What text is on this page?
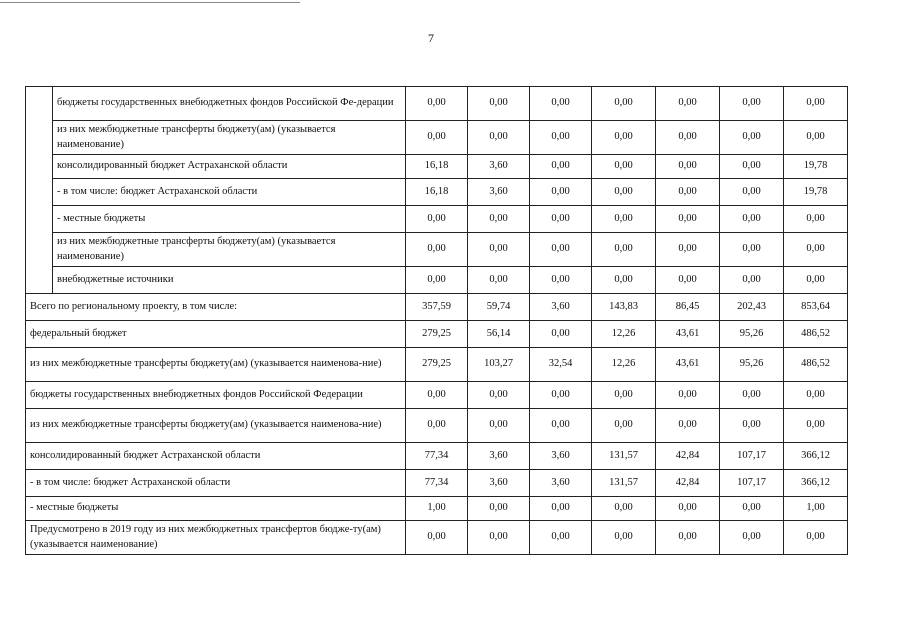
7
	бюджеты государственных внебюджетных фондов Российской Фе-дерации	0,00	0,00	0,00	0,00	0,00	0,00	0,00
	из них межбюджетные трансферты бюджету(ам) (указывается наименование)	0,00	0,00	0,00	0,00	0,00	0,00	0,00
	консолидированный бюджет Астраханской области	16,18	3,60	0,00	0,00	0,00	0,00	19,78
	- в том числе: бюджет Астраханской области	16,18	3,60	0,00	0,00	0,00	0,00	19,78
	- местные бюджеты	0,00	0,00	0,00	0,00	0,00	0,00	0,00
	из них межбюджетные трансферты бюджету(ам) (указывается наименование)	0,00	0,00	0,00	0,00	0,00	0,00	0,00
	внебюджетные источники	0,00	0,00	0,00	0,00	0,00	0,00	0,00
Всего по региональному проекту, в том числе:		357,59	59,74	3,60	143,83	86,45	202,43	853,64
федеральный бюджет		279,25	56,14	0,00	12,26	43,61	95,26	486,52
из них межбюджетные трансферты бюджету(ам) (указывается наименова-ние)		279,25	103,27	32,54	12,26	43,61	95,26	486,52
бюджеты государственных внебюджетных фондов Российской Федерации		0,00	0,00	0,00	0,00	0,00	0,00	0,00
из них межбюджетные трансферты бюджету(ам) (указывается наименова-ние)		0,00	0,00	0,00	0,00	0,00	0,00	0,00
консолидированный бюджет Астраханской области		77,34	3,60	3,60	131,57	42,84	107,17	366,12
- в том числе: бюджет Астраханской области		77,34	3,60	3,60	131,57	42,84	107,17	366,12
- местные бюджеты		1,00	0,00	0,00	0,00	0,00	0,00	1,00
Предусмотрено в 2019 году из них межбюджетных трансфертов бюдже-ту(ам) (указывается наименование)		0,00	0,00	0,00	0,00	0,00	0,00	0,00
